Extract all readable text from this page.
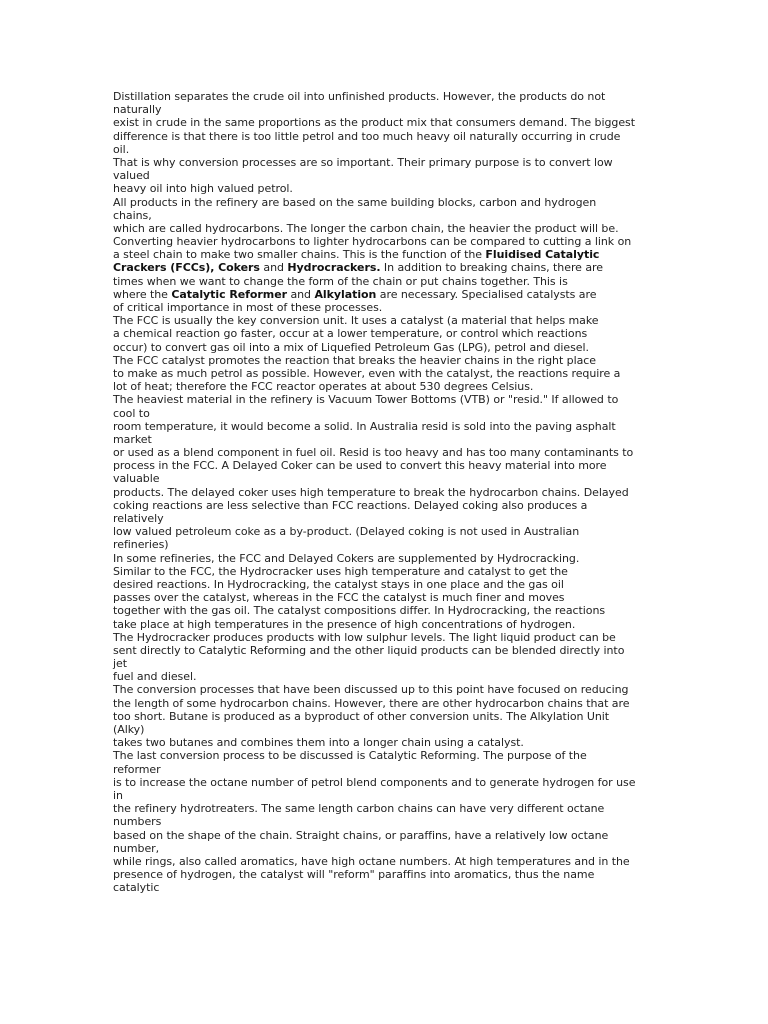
Distillation separates the crude oil into unfinished products. However, the products do not
naturally
exist in crude in the same proportions as the product mix that consumers demand. The biggest
difference is that there is too little petrol and too much heavy oil naturally occurring in crude
oil.
That is why conversion processes are so important. Their primary purpose is to convert low
valued
heavy oil into high valued petrol.
All products in the refinery are based on the same building blocks, carbon and hydrogen
chains,
which are called hydrocarbons. The longer the carbon chain, the heavier the product will be.
Converting heavier hydrocarbons to lighter hydrocarbons can be compared to cutting a link on
a steel chain to make two smaller chains. This is the function of the Fluidised Catalytic
Crackers (FCCs), Cokers and Hydrocrackers. In addition to breaking chains, there are
times when we want to change the form of the chain or put chains together. This is
where the Catalytic Reformer and Alkylation are necessary. Specialised catalysts are
of critical importance in most of these processes.
The FCC is usually the key conversion unit. It uses a catalyst (a material that helps make
a chemical reaction go faster, occur at a lower temperature, or control which reactions
occur) to convert gas oil into a mix of Liquefied Petroleum Gas (LPG), petrol and diesel.
The FCC catalyst promotes the reaction that breaks the heavier chains in the right place
to make as much petrol as possible. However, even with the catalyst, the reactions require a
lot of heat; therefore the FCC reactor operates at about 530 degrees Celsius.
The heaviest material in the refinery is Vacuum Tower Bottoms (VTB) or "resid." If allowed to
cool to
room temperature, it would become a solid. In Australia resid is sold into the paving asphalt
market
or used as a blend component in fuel oil. Resid is too heavy and has too many contaminants to
process in the FCC. A Delayed Coker can be used to convert this heavy material into more
valuable
products. The delayed coker uses high temperature to break the hydrocarbon chains. Delayed
coking reactions are less selective than FCC reactions. Delayed coking also produces a
relatively
low valued petroleum coke as a by-product. (Delayed coking is not used in Australian
refineries)
In some refineries, the FCC and Delayed Cokers are supplemented by Hydrocracking.
Similar to the FCC, the Hydrocracker uses high temperature and catalyst to get the
desired reactions. In Hydrocracking, the catalyst stays in one place and the gas oil
passes over the catalyst, whereas in the FCC the catalyst is much finer and moves
together with the gas oil. The catalyst compositions differ. In Hydrocracking, the reactions
take place at high temperatures in the presence of high concentrations of hydrogen.
The Hydrocracker produces products with low sulphur levels. The light liquid product can be
sent directly to Catalytic Reforming and the other liquid products can be blended directly into
jet
fuel and diesel.
The conversion processes that have been discussed up to this point have focused on reducing
the length of some hydrocarbon chains. However, there are other hydrocarbon chains that are
too short. Butane is produced as a byproduct of other conversion units. The Alkylation Unit
(Alky)
takes two butanes and combines them into a longer chain using a catalyst.
The last conversion process to be discussed is Catalytic Reforming. The purpose of the
reformer
is to increase the octane number of petrol blend components and to generate hydrogen for use
in
the refinery hydrotreaters. The same length carbon chains can have very different octane
numbers
based on the shape of the chain. Straight chains, or paraffins, have a relatively low octane
number,
while rings, also called aromatics, have high octane numbers. At high temperatures and in the
presence of hydrogen, the catalyst will "reform" paraffins into aromatics, thus the name
catalytic
